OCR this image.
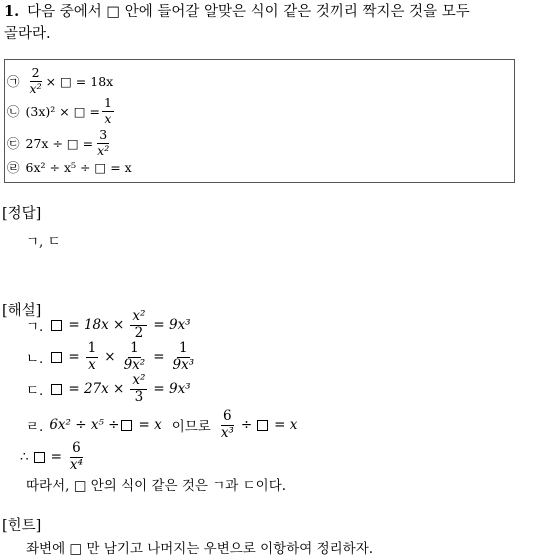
1. 다음 중에서 □ 안에 들어갈 알맞은 식이 같은 것끼리 짝지은 것을 모두
골라라.
㉠ $\frac{2}{\text{x²}}$ × □ = 18x
㉡ (3x)² × □ = $\frac{1}{x}$
㉢ 27x ÷ □ = $\frac{3}{\text{x²}}$
㉣ 6x² ÷ x⁵ ÷ □ = x
[정답]
ㄱ, ㄷ
[해설]
ㄱ. = $18x \times \frac{\text{x²}}{2} = 9x^3$
ㄴ. = $\frac{1}{x} \times \frac{1}{\text{9x²}} = \frac{1}{\text{9x³}}$
ㄷ. = $27x \times \frac{\text{x²}}{3} = 9x^3$
ㄹ. 6x² ÷ x⁵ ÷ = x 이므로 $\frac{6}{\text{x³}}$ ÷ = x
∴ = $\frac{6}{\text{x⁴}}$
따라서, □ 안의 식이 같은 것은 ㄱ과 ㄷ이다.
[힌트]
좌변에 □ 만 남기고 나머지는 우변으로 이항하여 정리하자.
